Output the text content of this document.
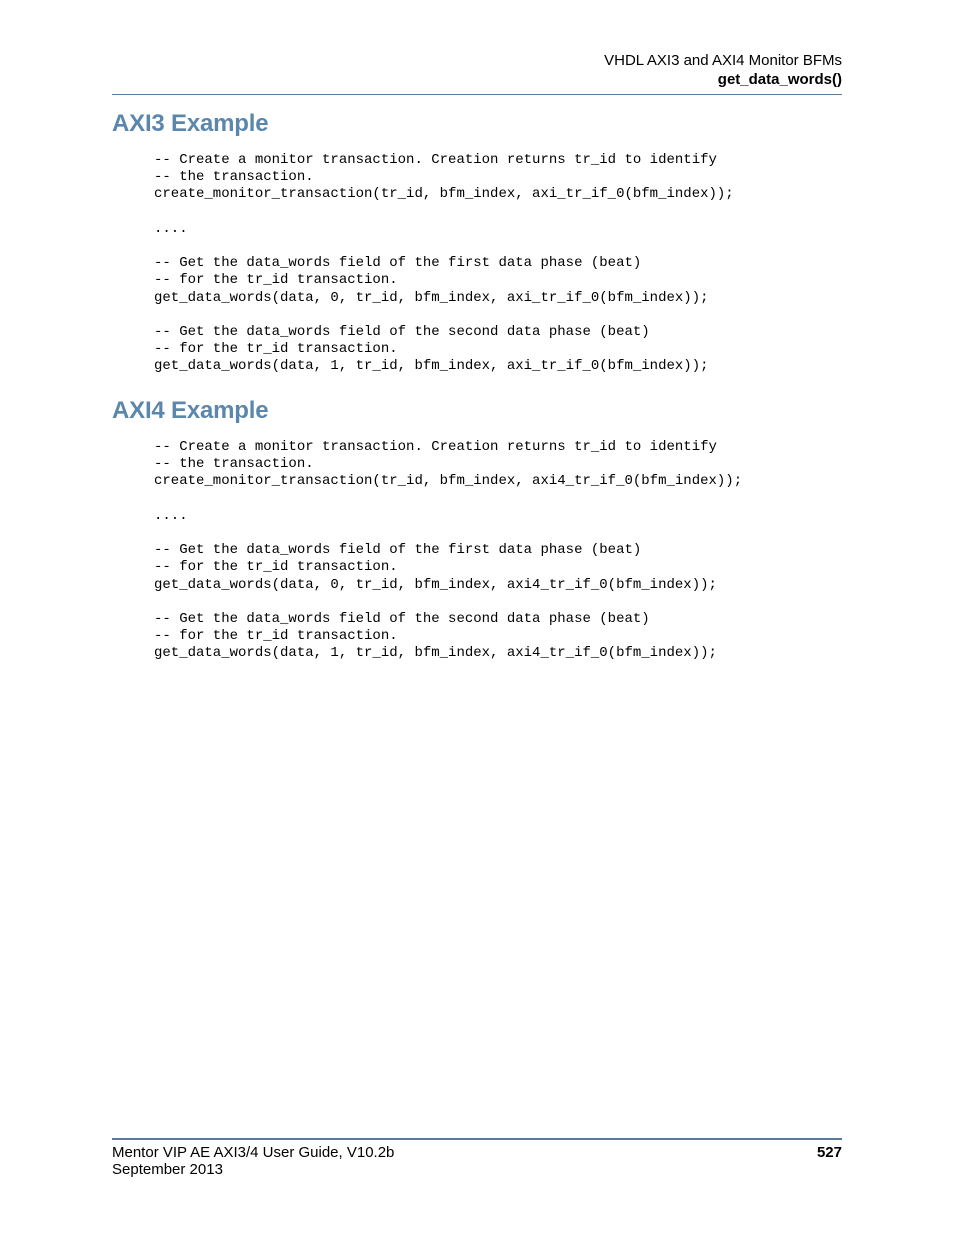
VHDL AXI3 and AXI4 Monitor BFMs
get_data_words()
AXI3 Example
-- Create a monitor transaction. Creation returns tr_id to identify
-- the transaction.
create_monitor_transaction(tr_id, bfm_index, axi_tr_if_0(bfm_index));

....

-- Get the data_words field of the first data phase (beat)
-- for the tr_id transaction.
get_data_words(data, 0, tr_id, bfm_index, axi_tr_if_0(bfm_index));

-- Get the data_words field of the second data phase (beat)
-- for the tr_id transaction.
get_data_words(data, 1, tr_id, bfm_index, axi_tr_if_0(bfm_index));
AXI4 Example
-- Create a monitor transaction. Creation returns tr_id to identify
-- the transaction.
create_monitor_transaction(tr_id, bfm_index, axi4_tr_if_0(bfm_index));

....

-- Get the data_words field of the first data phase (beat)
-- for the tr_id transaction.
get_data_words(data, 0, tr_id, bfm_index, axi4_tr_if_0(bfm_index));

-- Get the data_words field of the second data phase (beat)
-- for the tr_id transaction.
get_data_words(data, 1, tr_id, bfm_index, axi4_tr_if_0(bfm_index));
Mentor VIP AE AXI3/4 User Guide, V10.2b
September 2013
527
